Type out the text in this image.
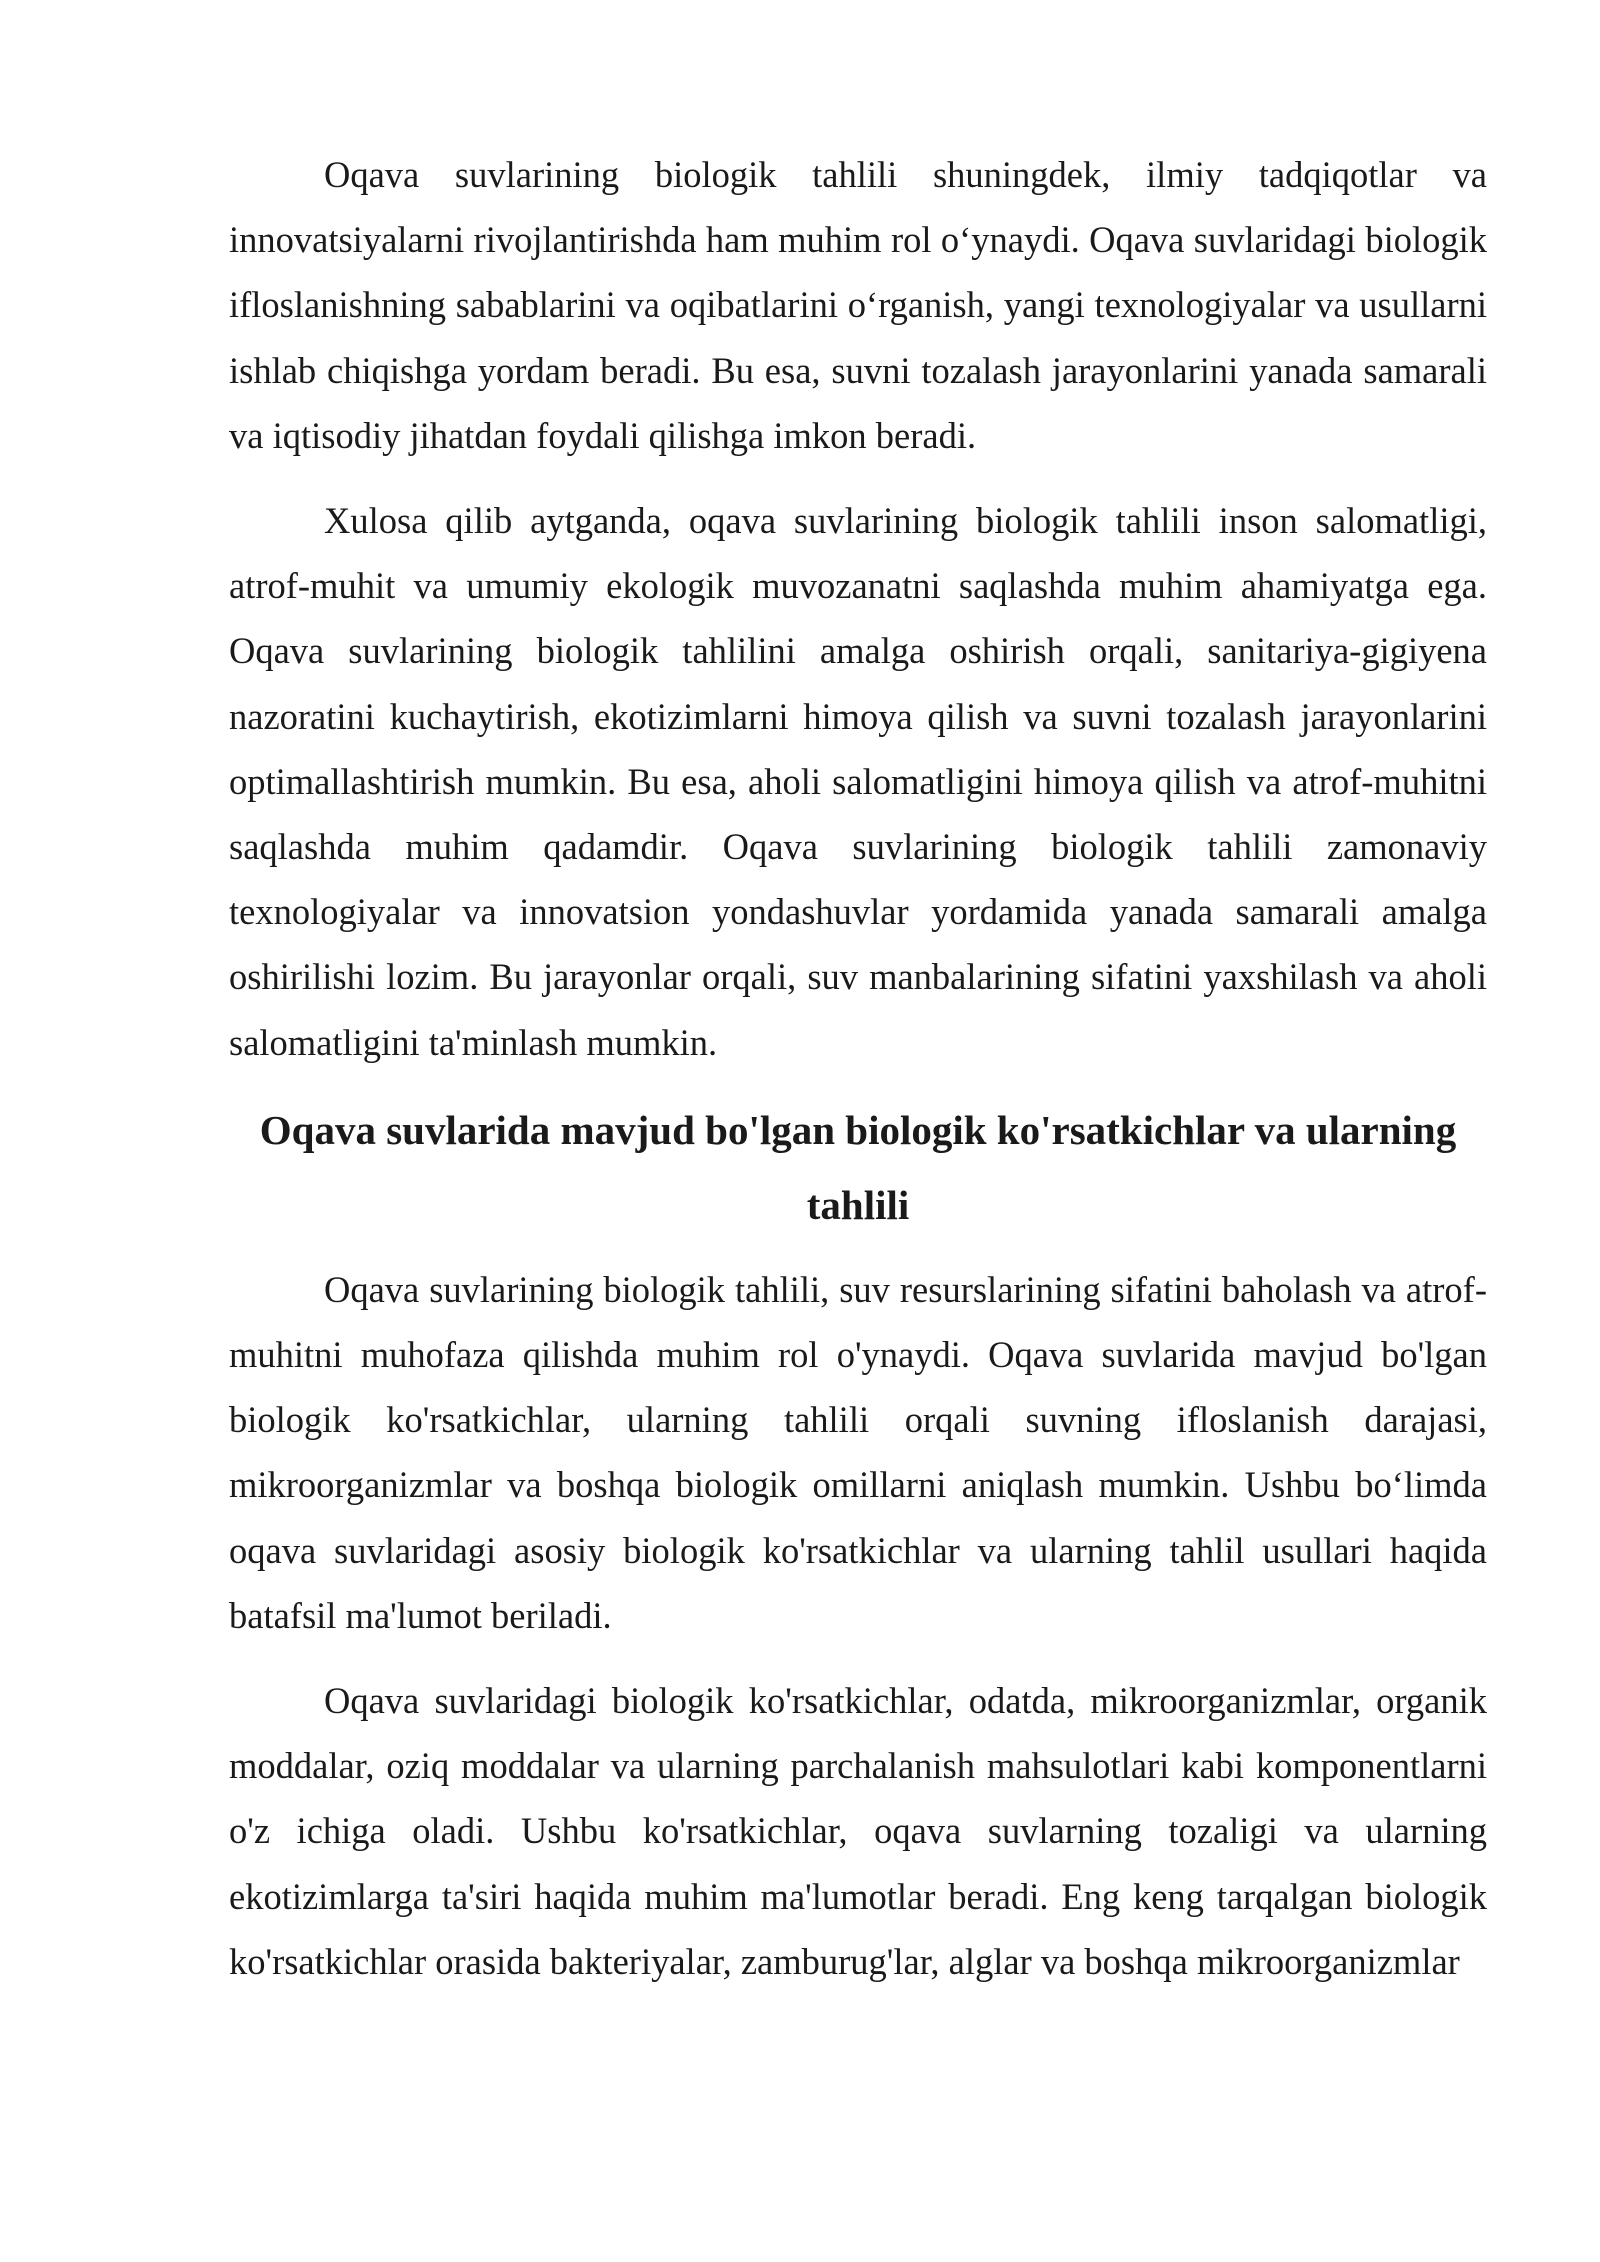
Oqava suvlarining biologik tahlili shuningdek, ilmiy tadqiqotlar va innovatsiyalarni rivojlantirishda ham muhim rol o‘ynaydi. Oqava suvlaridagi biologik ifloslanishning sabablarini va oqibatlarini o‘rganish, yangi texnologiyalar va usullarni ishlab chiqishga yordam beradi. Bu esa, suvni tozalash jarayonlarini yanada samarali va iqtisodiy jihatdan foydali qilishga imkon beradi.

Xulosa qilib aytganda, oqava suvlarining biologik tahlili inson salomatligi, atrof-muhit va umumiy ekologik muvozanatni saqlashda muhim ahamiyatga ega. Oqava suvlarining biologik tahlilini amalga oshirish orqali, sanitariya-gigiyena nazoratini kuchaytirish, ekotizimlarni himoya qilish va suvni tozalash jarayonlarini optimallashtirish mumkin. Bu esa, aholi salomatligini himoya qilish va atrof-muhitni saqlashda muhim qadamdir. Oqava suvlarining biologik tahlili zamonaviy texnologiyalar va innovatsion yondashuvlar yordamida yanada samarali amalga oshirilishi lozim. Bu jarayonlar orqali, suv manbalarining sifatini yaxshilash va aholi salomatligini ta'minlash mumkin.

Oqava suvlarida mavjud bo'lgan biologik ko'rsatkichlar va ularning tahlili

Oqava suvlarining biologik tahlili, suv resurslarining sifatini baholash va atrof-muhitni muhofaza qilishda muhim rol o'ynaydi. Oqava suvlarida mavjud bo'lgan biologik ko'rsatkichlar, ularning tahlili orqali suvning ifloslanish darajasi, mikroorganizmlar va boshqa biologik omillarni aniqlash mumkin. Ushbu bo‘limda oqava suvlaridagi asosiy biologik ko'rsatkichlar va ularning tahlil usullari haqida batafsil ma'lumot beriladi.

Oqava suvlaridagi biologik ko'rsatkichlar, odatda, mikroorganizmlar, organik moddalar, oziq moddalar va ularning parchalanish mahsulotlari kabi komponentlarni o'z ichiga oladi. Ushbu ko'rsatkichlar, oqava suvlarning tozaligi va ularning ekotizimlarga ta'siri haqida muhim ma'lumotlar beradi. Eng keng tarqalgan biologik ko'rsatkichlar orasida bakteriyalar, zamburug'lar, alglar va boshqa mikroorganizmlar
